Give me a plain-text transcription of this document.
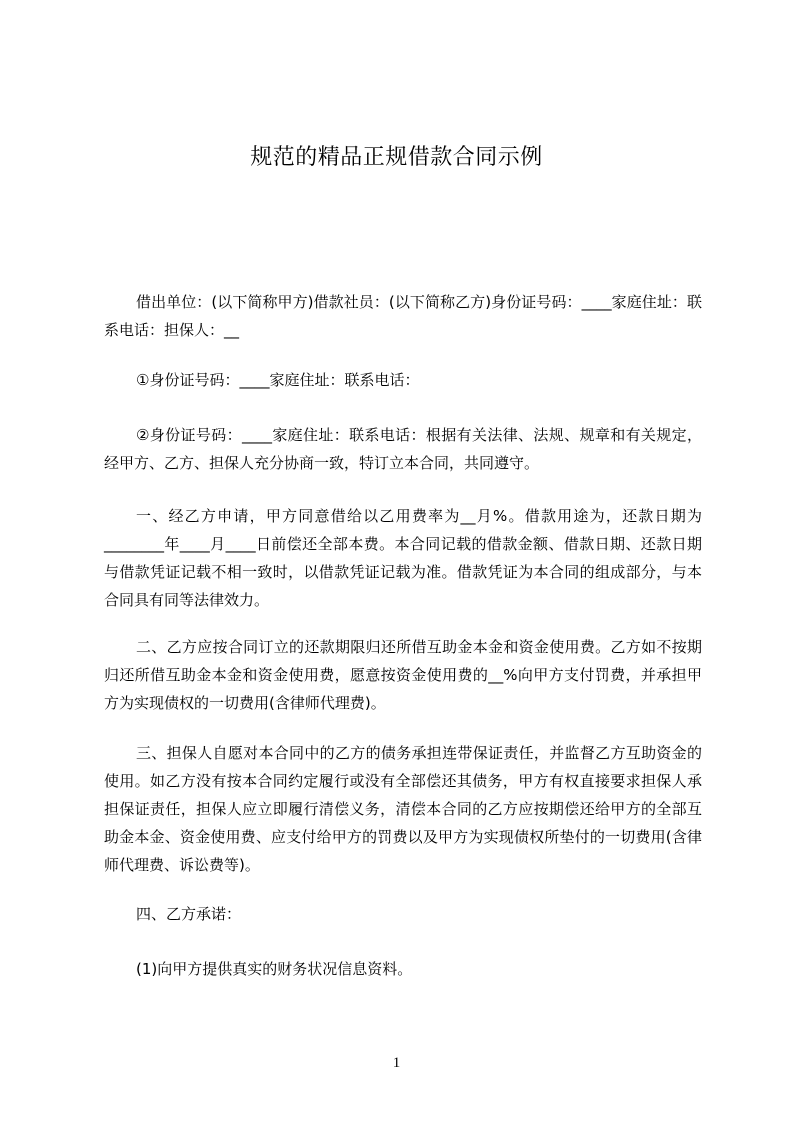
规范的精品正规借款合同示例
借出单位：(以下简称甲方)借款社员：(以下简称乙方)身份证号码：____家庭住址：联系电话：担保人：__
①身份证号码：____家庭住址：联系电话：
②身份证号码：____家庭住址：联系电话：根据有关法律、法规、规章和有关规定，经甲方、乙方、担保人充分协商一致，特订立本合同，共同遵守。
一、经乙方申请，甲方同意借给以乙用费率为__月%。借款用途为，还款日期为________年____月____日前偿还全部本费。本合同记载的借款金额、借款日期、还款日期与借款凭证记载不相一致时，以借款凭证记载为准。借款凭证为本合同的组成部分，与本合同具有同等法律效力。
二、乙方应按合同订立的还款期限归还所借互助金本金和资金使用费。乙方如不按期归还所借互助金本金和资金使用费，愿意按资金使用费的__%向甲方支付罚费，并承担甲方为实现债权的一切费用(含律师代理费)。
三、担保人自愿对本合同中的乙方的债务承担连带保证责任，并监督乙方互助资金的使用。如乙方没有按本合同约定履行或没有全部偿还其债务，甲方有权直接要求担保人承担保证责任，担保人应立即履行清偿义务，清偿本合同的乙方应按期偿还给甲方的全部互助金本金、资金使用费、应支付给甲方的罚费以及甲方为实现债权所垫付的一切费用(含律师代理费、诉讼费等)。
四、乙方承诺：
(1)向甲方提供真实的财务状况信息资料。
1
